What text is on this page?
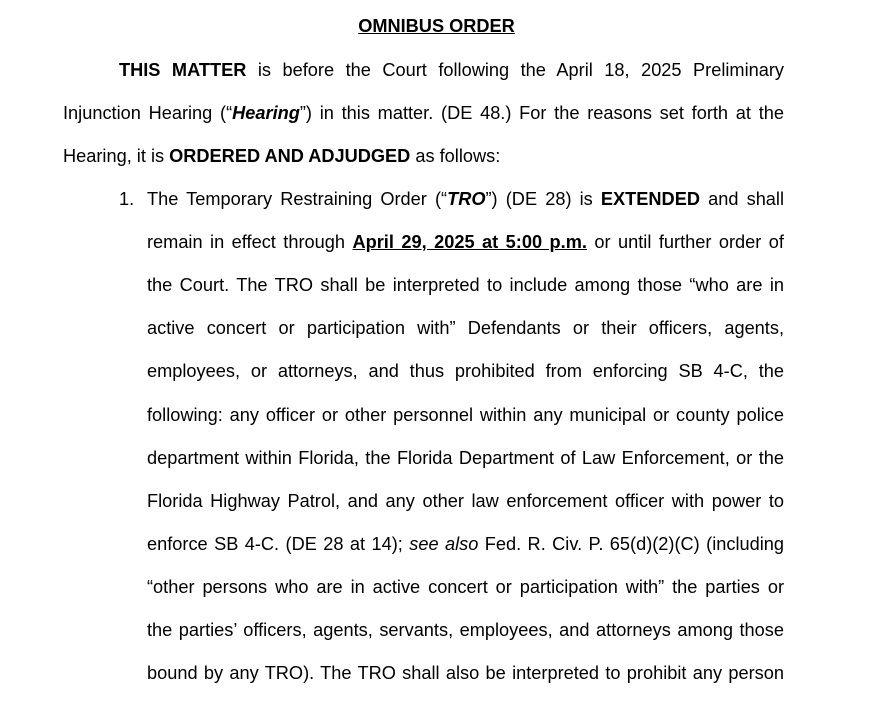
OMNIBUS ORDER
THIS MATTER is before the Court following the April 18, 2025 Preliminary
Injunction Hearing (“Hearing”) in this matter. (DE 48.) For the reasons set forth at the
Hearing, it is ORDERED AND ADJUDGED as follows:
1. The Temporary Restraining Order (“TRO”) (DE 28) is EXTENDED and shall
remain in effect through April 29, 2025 at 5:00 p.m. or until further order of
the Court. The TRO shall be interpreted to include among those “who are in
active concert or participation with” Defendants or their officers, agents,
employees, or attorneys, and thus prohibited from enforcing SB 4-C, the
following: any officer or other personnel within any municipal or county police
department within Florida, the Florida Department of Law Enforcement, or the
Florida Highway Patrol, and any other law enforcement officer with power to
enforce SB 4-C. (DE 28 at 14); see also Fed. R. Civ. P. 65(d)(2)(C) (including
“other persons who are in active concert or participation with” the parties or
the parties’ officers, agents, servants, employees, and attorneys among those
bound by any TRO). The TRO shall also be interpreted to prohibit any person
